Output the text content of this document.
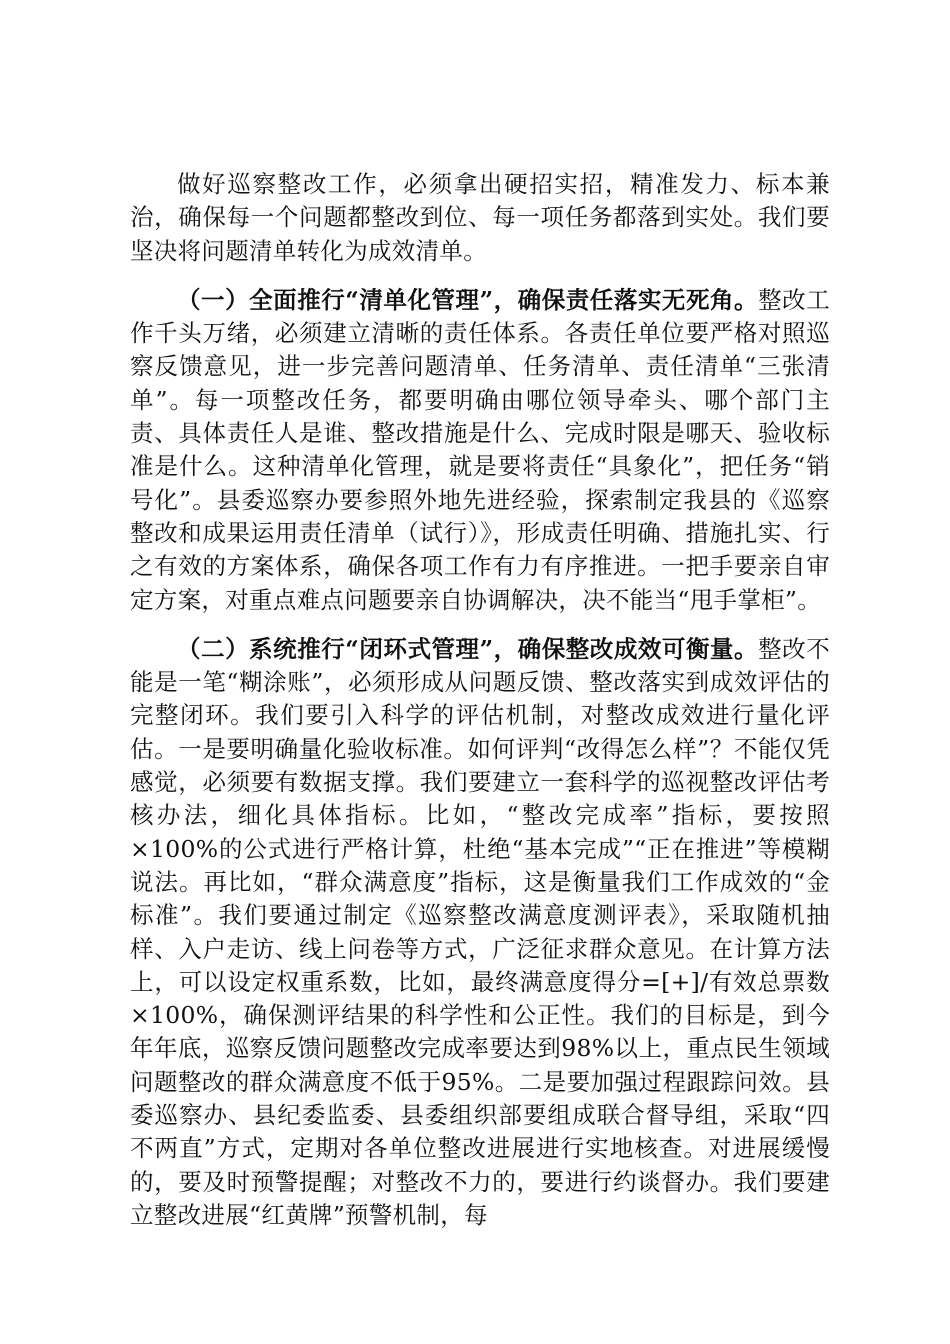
做好巡察整改工作，必须拿出硬招实招，精准发力、标本兼治，确保每一个问题都整改到位、每一项任务都落到实处。我们要坚决将问题清单转化为成效清单。

（一）全面推行“清单化管理”，确保责任落实无死角。整改工作千头万绪，必须建立清晰的责任体系。各责任单位要严格对照巡察反馈意见，进一步完善问题清单、任务清单、责任清单“三张清单”。每一项整改任务，都要明确由哪位领导牵头、哪个部门主责、具体责任人是谁、整改措施是什么、完成时限是哪天、验收标准是什么。这种清单化管理，就是要将责任“具象化”，把任务“销号化”。县委巡察办要参照外地先进经验，探索制定我县的《巡察整改和成果运用责任清单（试行）》，形成责任明确、措施扎实、行之有效的方案体系，确保各项工作有力有序推进。一把手要亲自审定方案，对重点难点问题要亲自协调解决，决不能当“甩手掌柜”。

（二）系统推行“闭环式管理”，确保整改成效可衡量。整改不能是一笔“糊涂账”，必须形成从问题反馈、整改落实到成效评估的完整闭环。我们要引入科学的评估机制，对整改成效进行量化评估。一是要明确量化验收标准。如何评判“改得怎么样”？不能仅凭感觉，必须要有数据支撑。我们要建立一套科学的巡视整改评估考核办法，细化具体指标。比如，“整改完成率”指标，要按照×100%的公式进行严格计算，杜绝“基本完成”“正在推进”等模糊说法。再比如，“群众满意度”指标，这是衡量我们工作成效的“金标准”。我们要通过制定《巡察整改满意度测评表》，采取随机抽样、入户走访、线上问卷等方式，广泛征求群众意见。在计算方法上，可以设定权重系数，比如，最终满意度得分=[+]/有效总票数×100%，确保测评结果的科学性和公正性。我们的目标是，到今年年底，巡察反馈问题整改完成率要达到98%以上，重点民生领域问题整改的群众满意度不低于95%。二是要加强过程跟踪问效。县委巡察办、县纪委监委、县委组织部要组成联合督导组，采取“四不两直”方式，定期对各单位整改进展进行实地核查。对进展缓慢的，要及时预警提醒；对整改不力的，要进行约谈督办。我们要建立整改进展“红黄牌”预警机制，每
